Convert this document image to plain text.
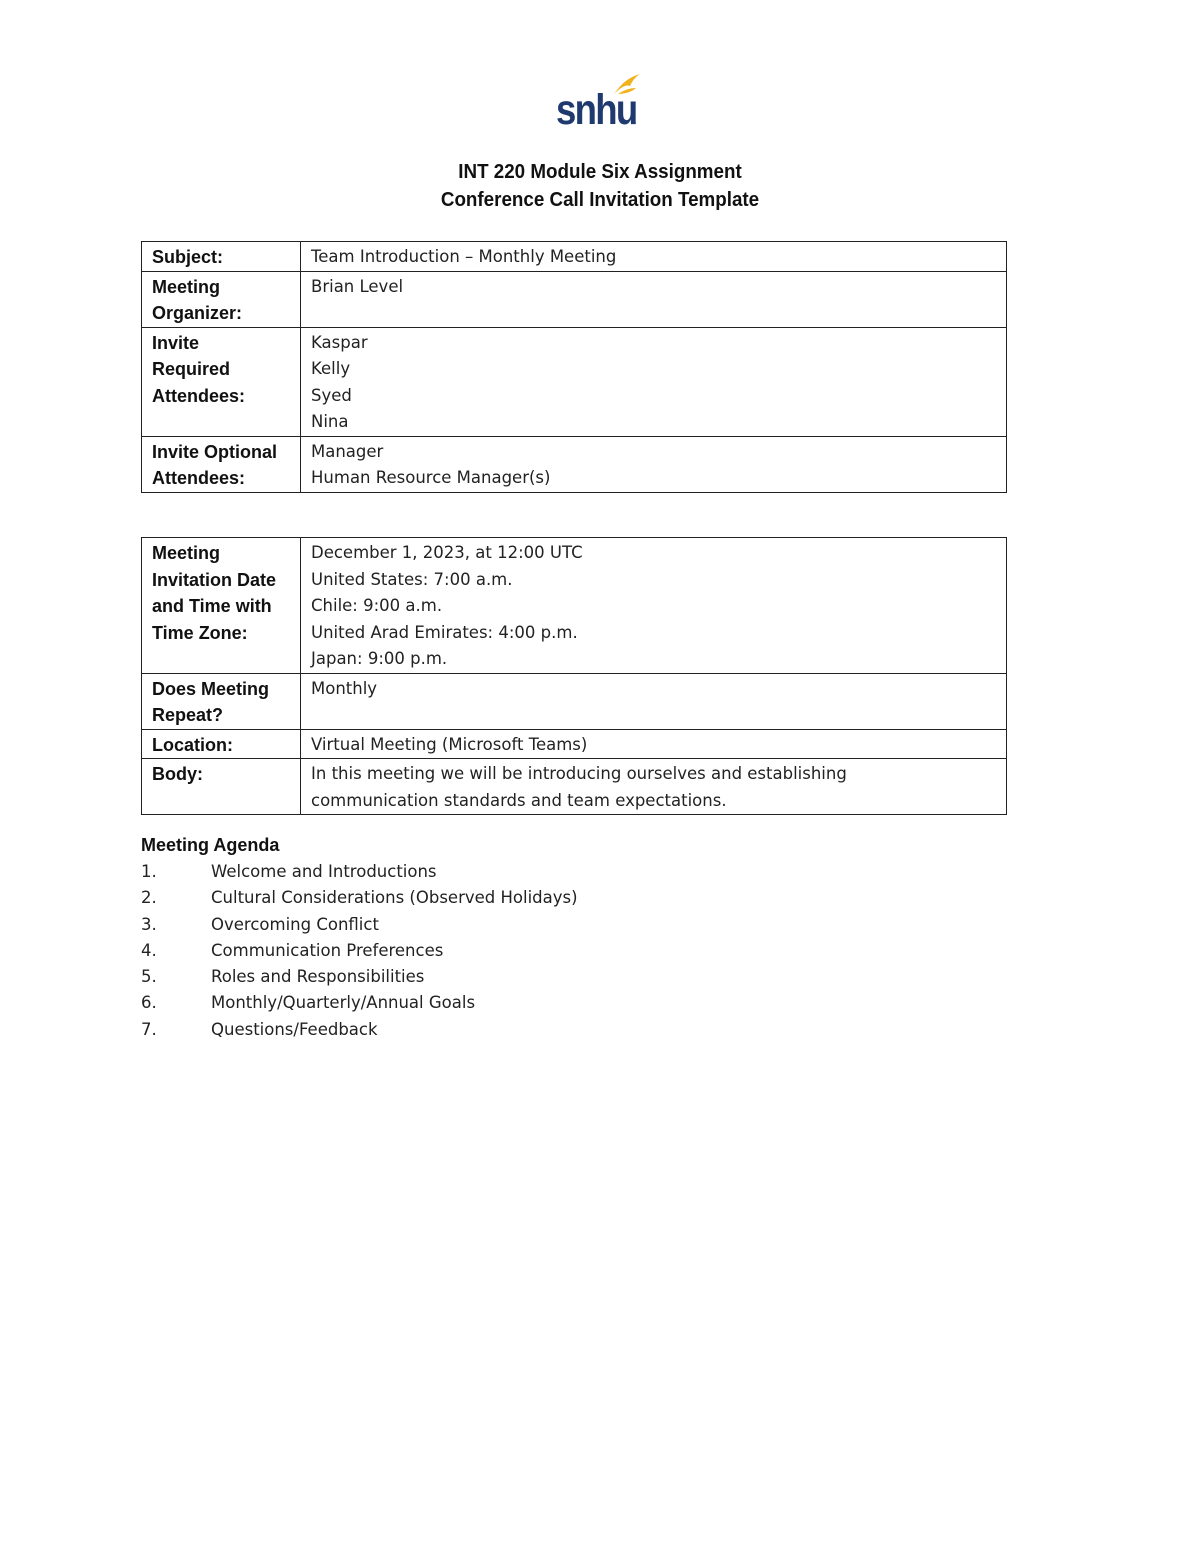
snhu
INT 220 Module Six Assignment
Conference Call Invitation Template
Subject:	Team Introduction – Monthly Meeting

Meeting
Organizer:	Brian Level

Invite
Required
Attendees:	Kaspar
Kelly
Syed
Nina

Invite Optional
Attendees:	Manager
Human Resource Manager(s)
Meeting
Invitation Date
and Time with
Time Zone:	December 1, 2023, at 12:00 UTC
United States: 7:00 a.m.
Chile: 9:00 a.m.
United Arad Emirates: 4:00 p.m.
Japan: 9:00 p.m.

Does Meeting
Repeat?	Monthly

Location:	Virtual Meeting (Microsoft Teams)

Body:	In this meeting we will be introducing ourselves and establishing
communication standards and team expectations.
Meeting Agenda
1.	Welcome and Introductions
2.	Cultural Considerations (Observed Holidays)
3.	Overcoming Conflict
4.	Communication Preferences
5.	Roles and Responsibilities
6.	Monthly/Quarterly/Annual Goals
7.	Questions/Feedback
